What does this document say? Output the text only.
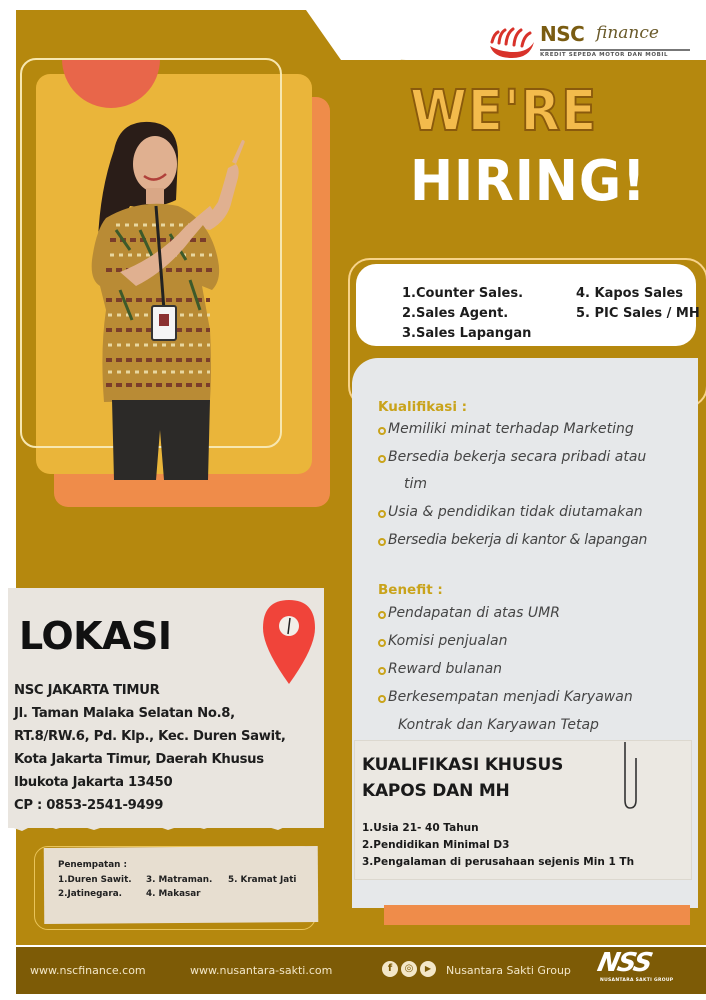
NSC finance
KREDIT SEPEDA MOTOR DAN MOBIL
WE'RE
HIRING!
1.Counter Sales.
2.Sales Agent.
3.Sales Lapangan
4. Kapos Sales
5. PIC Sales / MH
Kualifikasi :
Memiliki minat terhadap Marketing
Bersedia bekerja secara pribadi atau
tim
Usia & pendidikan tidak diutamakan
Bersedia bekerja di kantor & lapangan
Benefit :
Pendapatan di atas UMR
Komisi penjualan
Reward bulanan
Berkesempatan menjadi Karyawan
Kontrak dan Karyawan Tetap
KUALIFIKASI KHUSUS
KAPOS DAN MH
1.Usia 21- 40 Tahun
2.Pendidikan Minimal D3
3.Pengalaman di perusahaan sejenis Min 1 Th
LOKASI
NSC JAKARTA TIMUR
Jl. Taman Malaka Selatan No.8,
RT.8/RW.6, Pd. Klp., Kec. Duren Sawit,
Kota Jakarta Timur, Daerah Khusus
Ibukota Jakarta 13450
CP : 0853-2541-9499
Penempatan :
1.Duren Sawit.
2.Jatinegara.
3. Matraman.
4. Makasar
5. Kramat Jati
www.nscfinance.com	www.nusantara-sakti.com	f	◎	▶	Nusantara Sakti Group NSS
NUSANTARA SAKTI GROUP
